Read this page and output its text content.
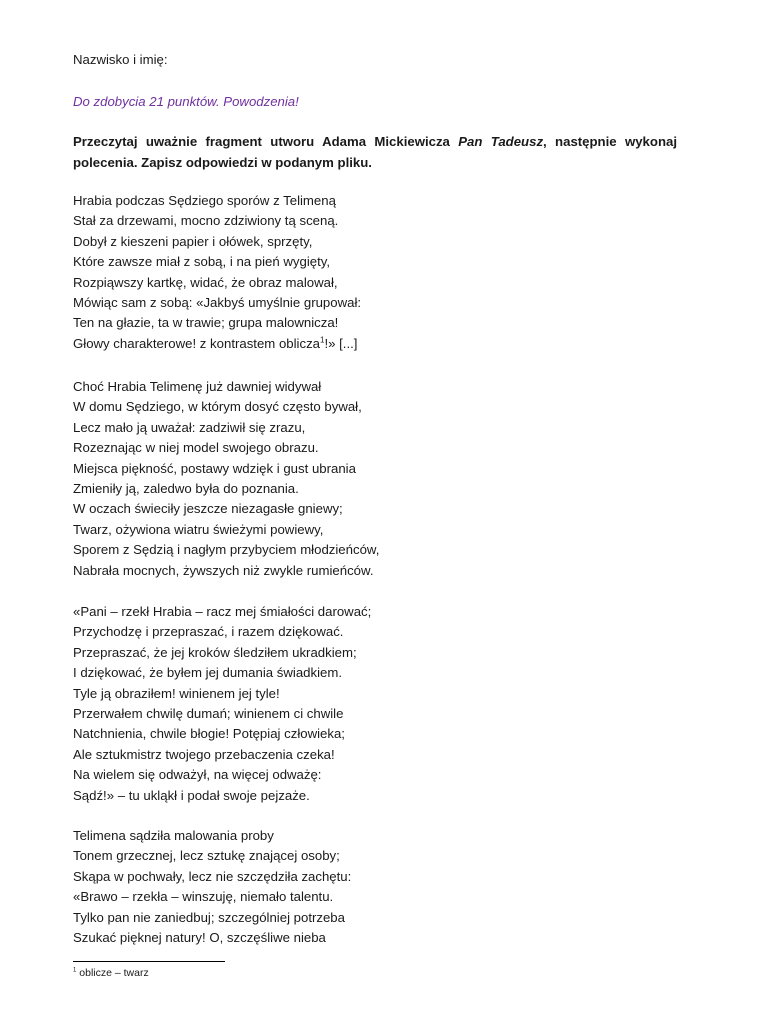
Nazwisko i imię:
Do zdobycia 21 punktów. Powodzenia!
Przeczytaj uważnie fragment utworu Adama Mickiewicza Pan Tadeusz, następnie wykonaj polecenia. Zapisz odpowiedzi w podanym pliku.
Hrabia podczas Sędziego sporów z Telimeną
Stał za drzewami, mocno zdziwiony tą sceną.
Dobył z kieszeni papier i ołówek, sprzęty,
Które zawsze miał z sobą, i na pień wygięty,
Rozpiąwszy kartkę, widać, że obraz malował,
Mówiąc sam z sobą: «Jakbyś umyślnie grupował:
Ten na głazie, ta w trawie; grupa malownicza!
Głowy charakterowe! z kontrastem oblicza$^1$!» [...]
Choć Hrabia Telimenę już dawniej widywał
W domu Sędziego, w którym dosyć często bywał,
Lecz mało ją uważał: zadziwił się zrazu,
Rozeznając w niej model swojego obrazu.
Miejsca piękność, postawy wdzięk i gust ubrania
Zmieniły ją, zaledwo była do poznania.
W oczach świeciły jeszcze niezagasłe gniewy;
Twarz, ożywiona wiatru świeżymi powiewy,
Sporem z Sędzią i nagłym przybyciem młodzieńców,
Nabrała mocnych, żywszych niż zwykle rumieńców.
«Pani – rzekł Hrabia – racz mej śmiałości darować;
Przychodzę i przepraszać, i razem dziękować.
Przepraszać, że jej kroków śledziłem ukradkiem;
I dziękować, że byłem jej dumania świadkiem.
Tyle ją obraziłem! winienem jej tyle!
Przerwałem chwilę dumań; winienem ci chwile
Natchnienia, chwile błogie! Potępiaj człowieka;
Ale sztukmistrz twojego przebaczenia czeka!
Na wielem się odważył, na więcej odważę:
Sądź!» – tu ukląkł i podał swoje pejzaże.
Telimena sądziła malowania proby
Tonem grzecznej, lecz sztukę znającej osoby;
Skąpa w pochwały, lecz nie szczędziła zachętu:
«Brawo – rzekła – winszuję, niemało talentu.
Tylko pan nie zaniedbuj; szczególniej potrzeba
Szukać pięknej natury! O, szczęśliwe nieba
$^1$ oblicze – twarz
